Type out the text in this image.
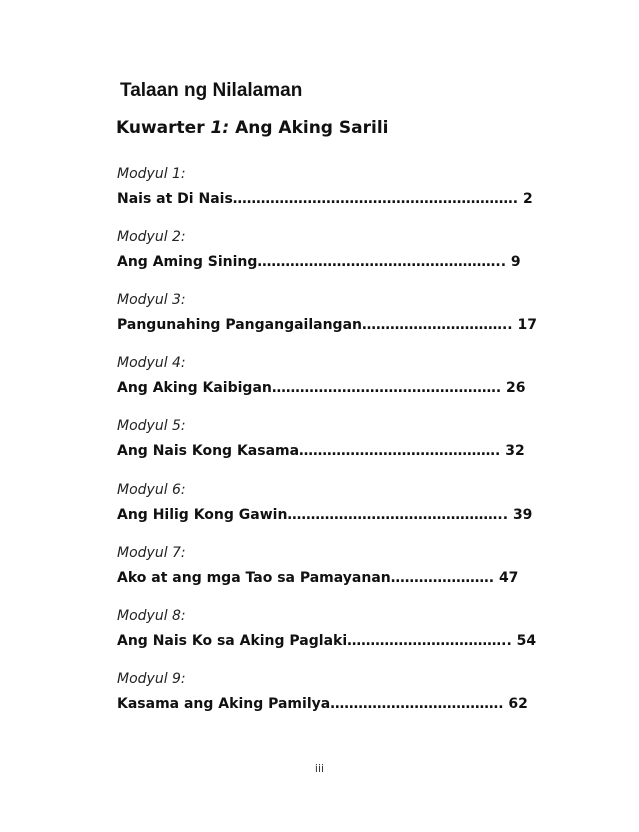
Talaan ng Nilalaman
Kuwarter 1: Ang Aking Sarili
Modyul 1:
Nais at Di Nais……………………………………………………. 2
Modyul 2:
Ang Aming Sining…………………………………………….. 9
Modyul 3:
Pangunahing Pangangailangan………………………….. 17
Modyul 4:
Ang Aking Kaibigan…………………………………………. 26
Modyul 5:
Ang Nais Kong Kasama……………………………………. 32
Modyul 6:
Ang Hilig Kong Gawin……………………………………….. 39
Modyul 7:
Ako at ang mga Tao sa Pamayanan…………………. 47
Modyul 8:
Ang Nais Ko sa Aking Paglaki…………………………….. 54
Modyul 9:
Kasama ang Aking Pamilya………………………………. 62
iii
